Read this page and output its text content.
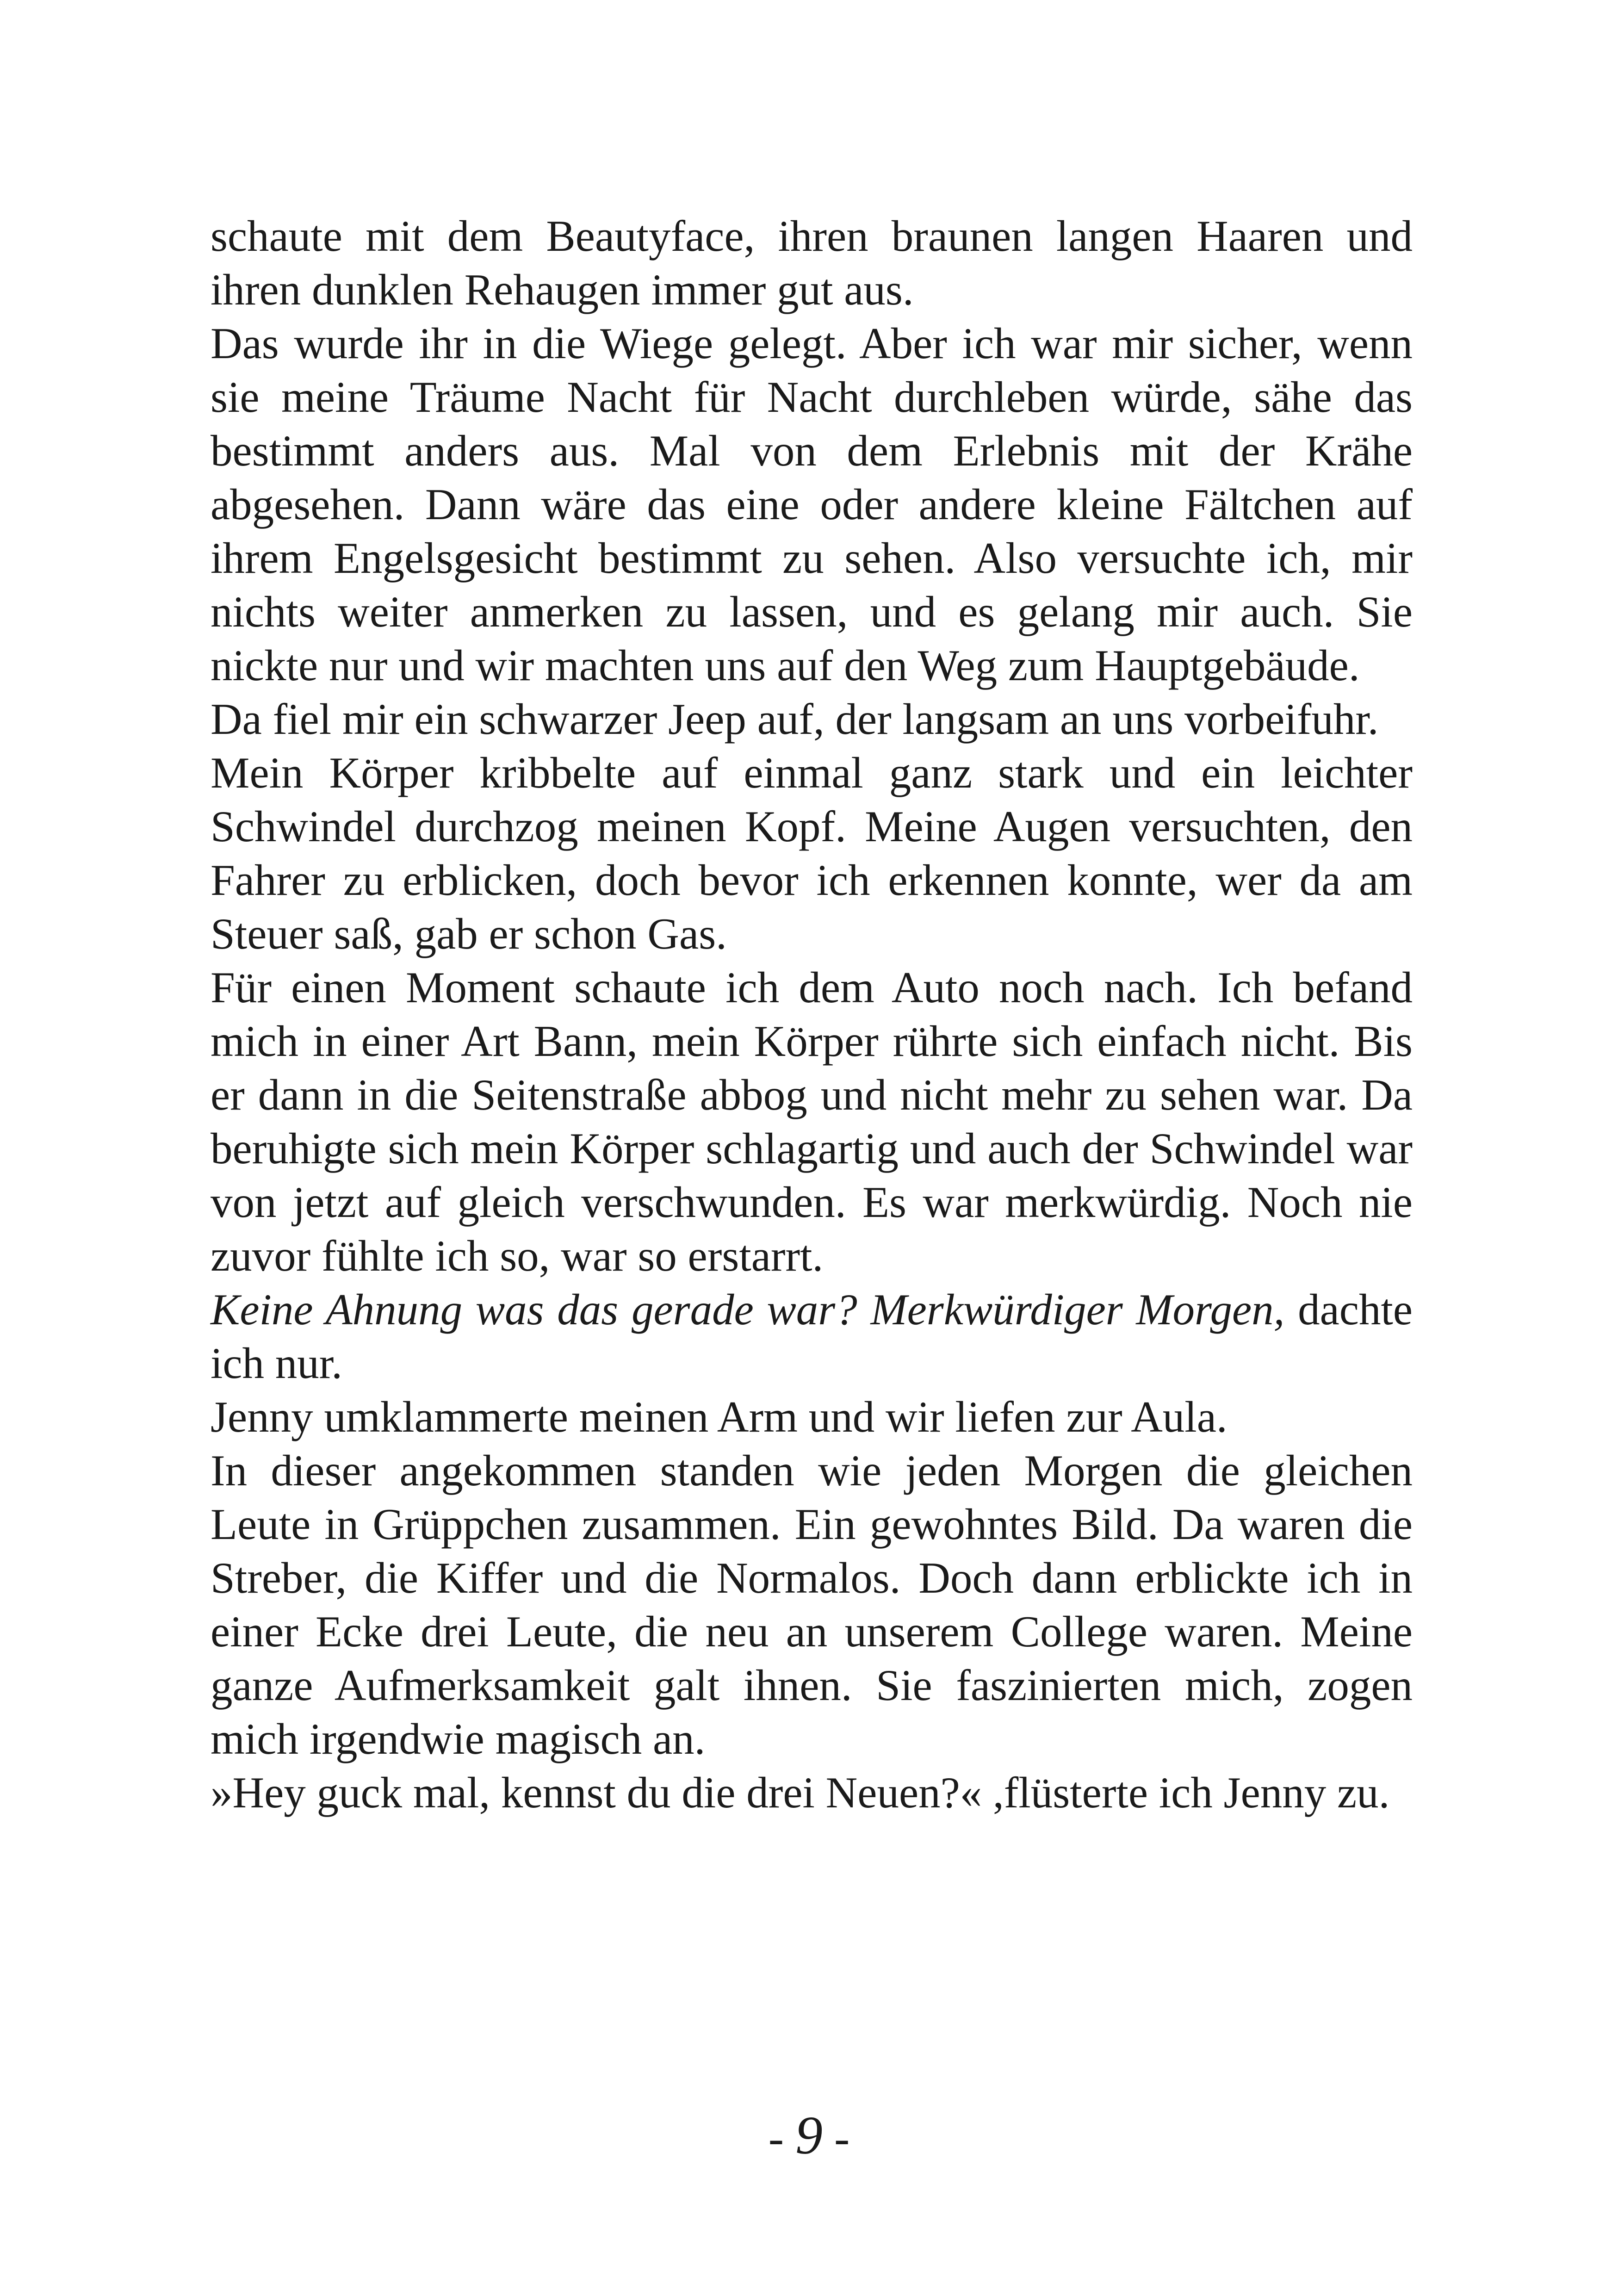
schaute mit dem Beautyface, ihren braunen langen Haaren und ihren dunklen Rehaugen immer gut aus.

Das wurde ihr in die Wiege gelegt. Aber ich war mir sicher, wenn sie meine Träume Nacht für Nacht durchleben würde, sähe das bestimmt anders aus. Mal von dem Erlebnis mit der Krähe abgesehen. Dann wäre das eine oder andere kleine Fältchen auf ihrem Engelsgesicht bestimmt zu sehen. Also versuchte ich, mir nichts weiter anmerken zu lassen, und es gelang mir auch. Sie nickte nur und wir machten uns auf den Weg zum Hauptgebäude.

Da fiel mir ein schwarzer Jeep auf, der langsam an uns vorbeifuhr.

Mein Körper kribbelte auf einmal ganz stark und ein leichter Schwindel durchzog meinen Kopf. Meine Augen versuchten, den Fahrer zu erblicken, doch bevor ich erkennen konnte, wer da am Steuer saß, gab er schon Gas.

Für einen Moment schaute ich dem Auto noch nach. Ich befand mich in einer Art Bann, mein Körper rührte sich einfach nicht. Bis er dann in die Seitenstraße abbog und nicht mehr zu sehen war. Da beruhigte sich mein Körper schlagartig und auch der Schwindel war von jetzt auf gleich verschwunden. Es war merkwürdig. Noch nie zuvor fühlte ich so, war so erstarrt.

Keine Ahnung was das gerade war? Merkwürdiger Morgen, dachte ich nur.

Jenny umklammerte meinen Arm und wir liefen zur Aula.

In dieser angekommen standen wie jeden Morgen die gleichen Leute in Grüppchen zusammen. Ein gewohntes Bild. Da waren die Streber, die Kiffer und die Normalos. Doch dann erblickte ich in einer Ecke drei Leute, die neu an unserem College waren. Meine ganze Aufmerksamkeit galt ihnen. Sie faszinierten mich, zogen mich irgendwie magisch an.

»Hey guck mal, kennst du die drei Neuen?« ,flüsterte ich Jenny zu.

- 9 -
